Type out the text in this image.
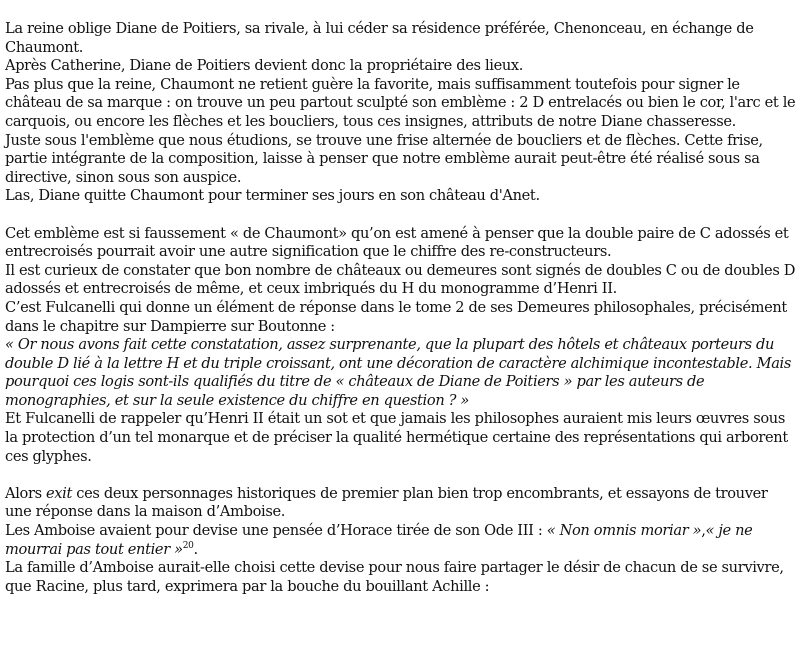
La reine oblige Diane de Poitiers, sa rivale, à lui céder sa résidence préférée, Chenonceau, en échange de Chaumont.

Après Catherine, Diane de Poitiers devient donc la propriétaire des lieux.

Pas plus que la reine, Chaumont ne retient guère la favorite, mais suffisamment toutefois pour signer le château de sa marque : on trouve un peu partout sculpté son emblème : 2 D entrelacés ou bien le cor, l'arc et le carquois, ou encore les flèches et les boucliers, tous ces insignes, attributs de notre Diane chasseresse.

Juste sous l'emblème que nous étudions, se trouve une frise alternée de boucliers et de flèches. Cette frise, partie intégrante de la composition, laisse à penser que notre emblème aurait peut-être été réalisé sous sa directive, sinon sous son auspice.

Las, Diane quitte Chaumont pour terminer ses jours en son château d'Anet.

Cet emblème est si faussement « de Chaumont» qu’on est amené à penser que la double paire de C adossés et entrecroisés pourrait avoir une autre signification que le chiffre des re-constructeurs.

Il est curieux de constater que bon nombre de châteaux ou demeures sont signés de doubles C ou de doubles D adossés et entrecroisés de même, et ceux imbriqués du H du monogramme d’Henri II.

C’est Fulcanelli qui donne un élément de réponse dans le tome 2 de ses Demeures philosophales, précisément dans le chapitre sur Dampierre sur Boutonne :

« Or nous avons fait cette constatation, assez surprenante, que la plupart des hôtels et châteaux porteurs du double D lié à la lettre H et du triple croissant, ont une décoration de caractère alchimique incontestable. Mais pourquoi ces logis sont-ils qualifiés du titre de « châteaux de Diane de Poitiers » par les auteurs de monographies, et sur la seule existence du chiffre en question ? »

Et Fulcanelli de rappeler qu’Henri II était un sot et que jamais les philosophes auraient mis leurs œuvres sous la protection d’un tel monarque et de préciser la qualité hermétique certaine des représentations qui arborent ces glyphes.

Alors exit ces deux personnages historiques de premier plan bien trop encombrants, et essayons de trouver une réponse dans la maison d’Amboise.

Les Amboise avaient pour devise une pensée d’Horace tirée de son Ode III : « Non omnis moriar »,« je ne mourrai pas tout entier »$^{20}$.

La famille d’Amboise aurait-elle choisi cette devise pour nous faire partager le désir de chacun de se survivre, que Racine, plus tard, exprimera par la bouche du bouillant Achille :
